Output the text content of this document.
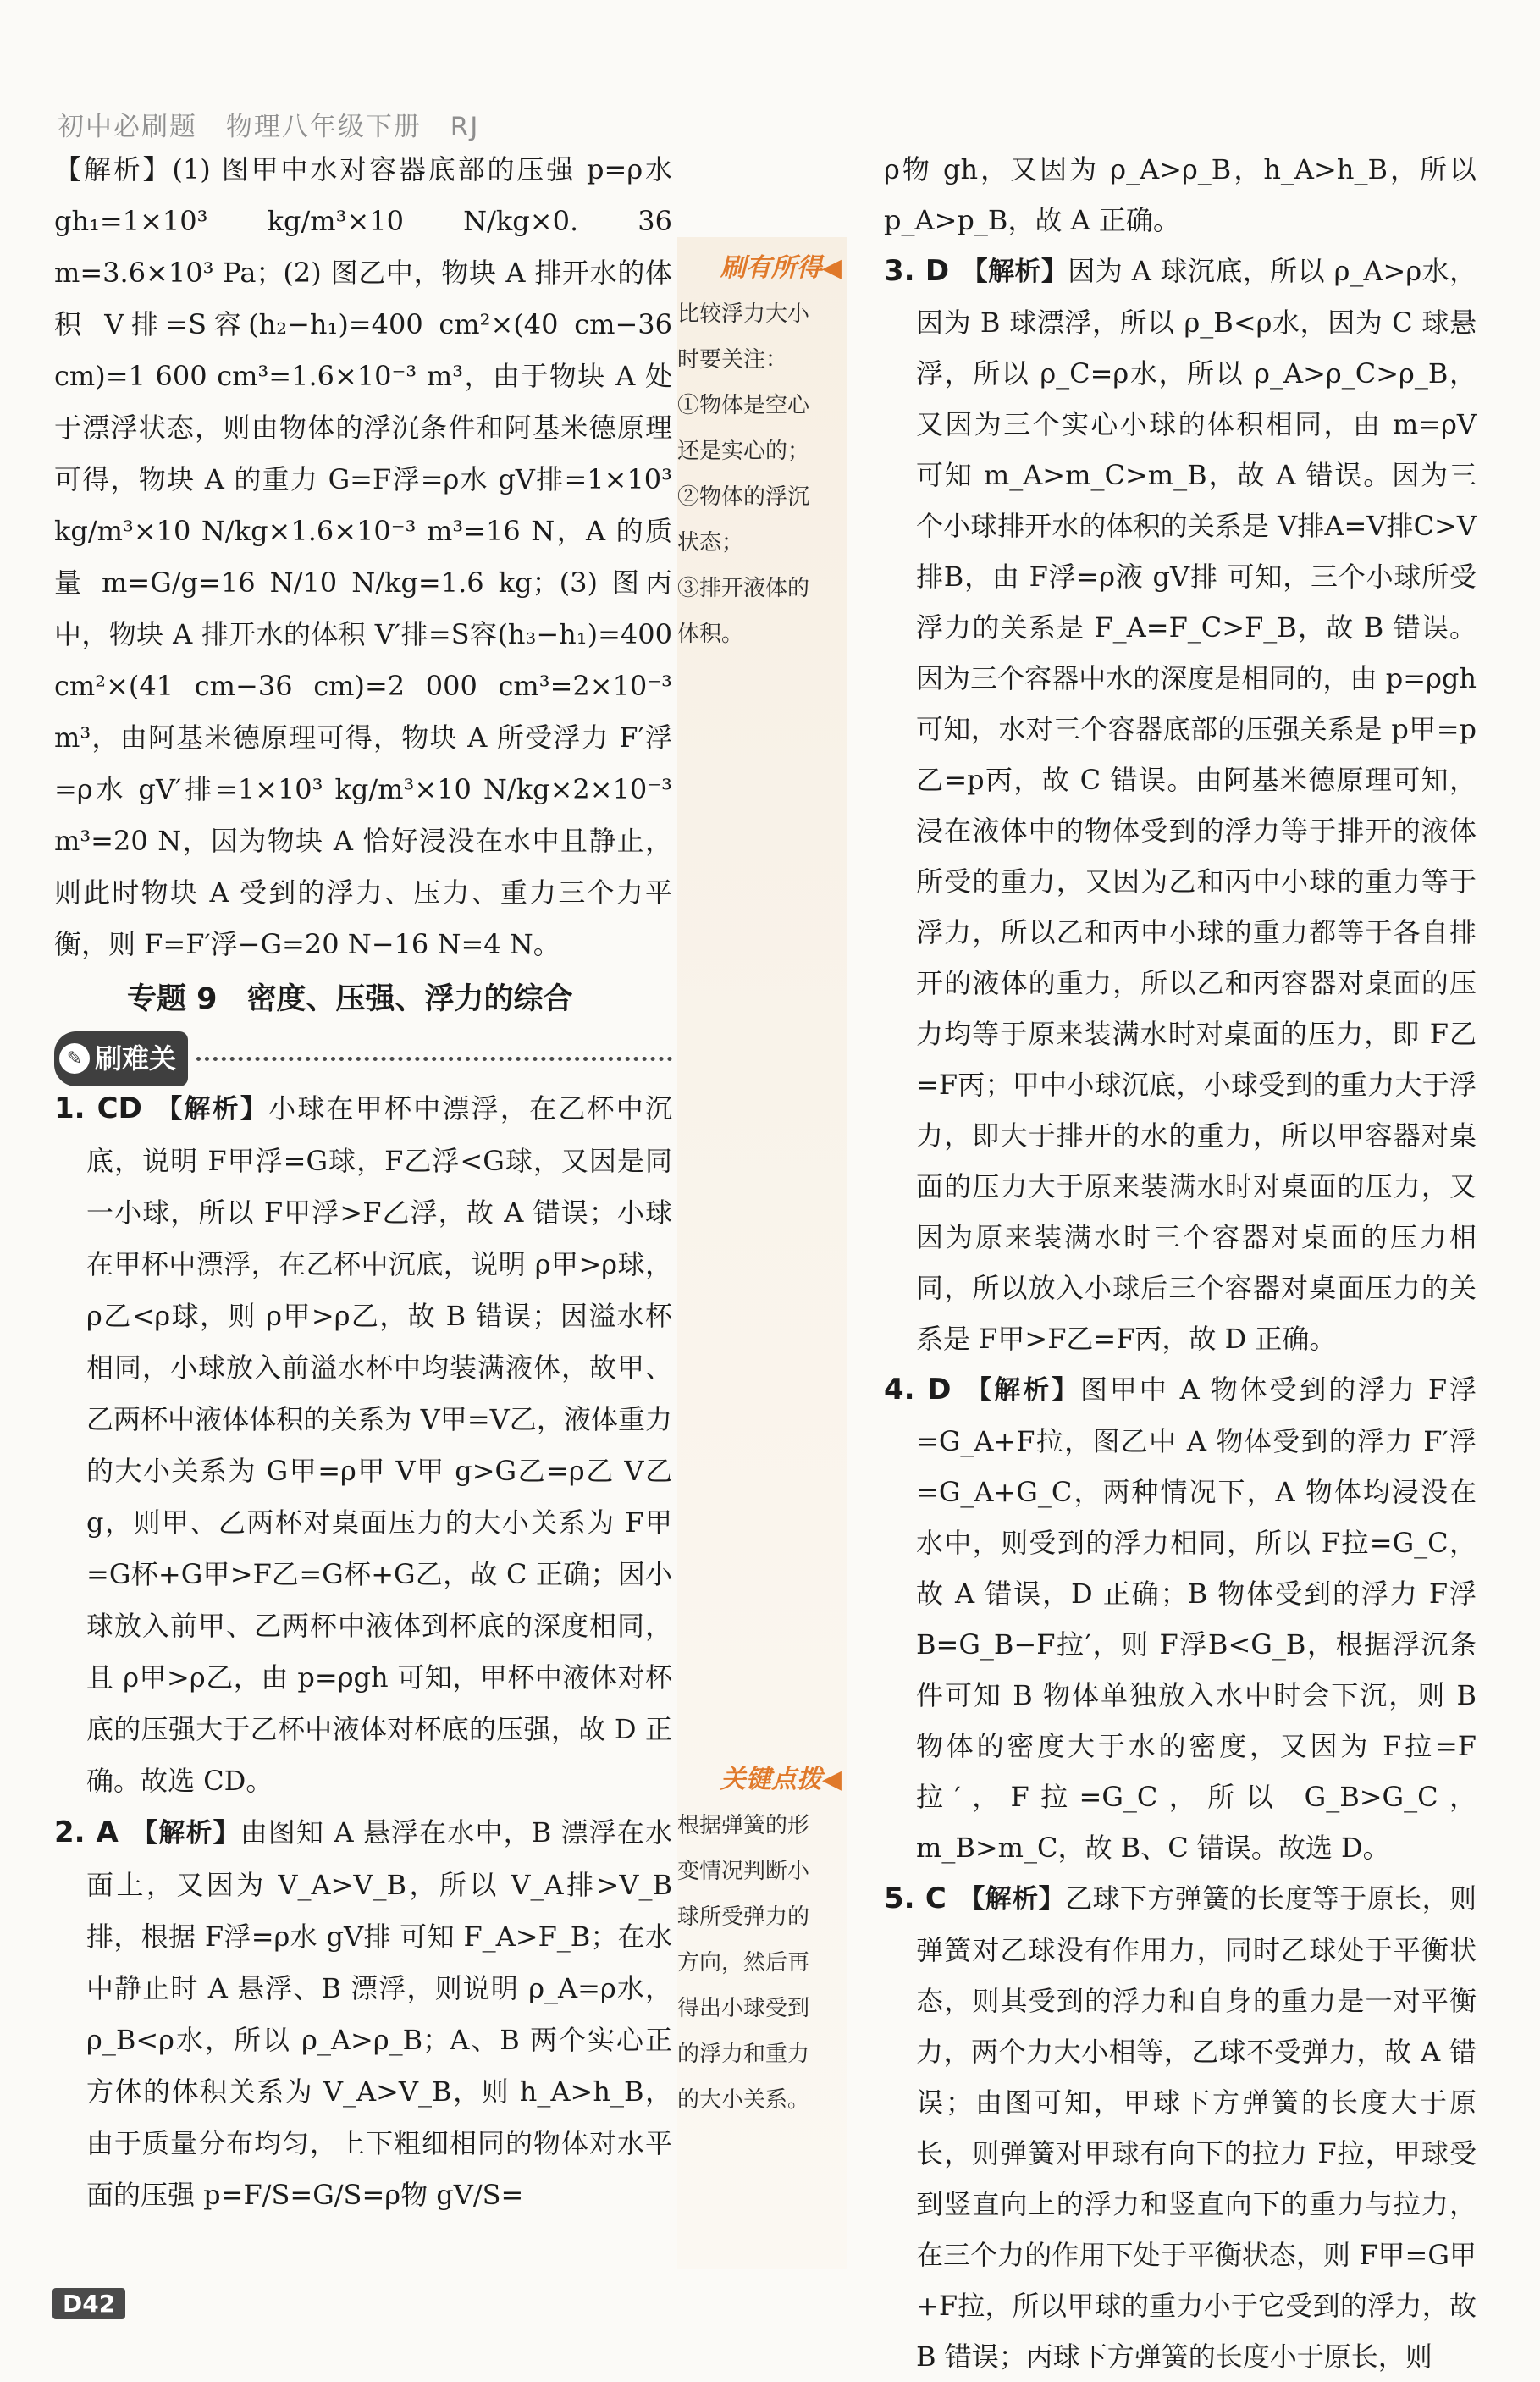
初中必刷题 物理八年级下册 RJ

【解析】(1) 图甲中水对容器底部的压强 p=ρ水 gh₁=1×10³ kg/m³×10 N/kg×0. 36 m=3.6×10³ Pa；(2) 图乙中，物块 A 排开水的体积 V排=S容(h₂−h₁)=400 cm²×(40 cm−36 cm)=1 600 cm³=1.6×10⁻³ m³，由于物块 A 处于漂浮状态，则由物体的浮沉条件和阿基米德原理可得，物块 A 的重力 G=F浮=ρ水 gV排=1×10³ kg/m³×10 N/kg×1.6×10⁻³ m³=16 N，A 的质量 m=G/g=16 N/10 N/kg=1.6 kg；(3) 图丙中，物块 A 排开水的体积 V′排=S容(h₃−h₁)=400 cm²×(41 cm−36 cm)=2 000 cm³=2×10⁻³ m³，由阿基米德原理可得，物块 A 所受浮力 F′浮=ρ水 gV′排=1×10³ kg/m³×10 N/kg×2×10⁻³ m³=20 N，因为物块 A 恰好浸没在水中且静止，则此时物块 A 受到的浮力、压力、重力三个力平衡，则 F=F′浮−G=20 N−16 N=4 N。

专题 9　密度、压强、浮力的综合
✎ 刷难关

1. CD 【解析】小球在甲杯中漂浮，在乙杯中沉底，说明 F甲浮=G球，F乙浮<G球，又因是同一小球，所以 F甲浮>F乙浮，故 A 错误；小球在甲杯中漂浮，在乙杯中沉底，说明 ρ甲>ρ球，ρ乙<ρ球，则 ρ甲>ρ乙，故 B 错误；因溢水杯相同，小球放入前溢水杯中均装满液体，故甲、乙两杯中液体体积的关系为 V甲=V乙，液体重力的大小关系为 G甲=ρ甲 V甲 g>G乙=ρ乙 V乙 g，则甲、乙两杯对桌面压力的大小关系为 F甲=G杯+G甲>F乙=G杯+G乙，故 C 正确；因小球放入前甲、乙两杯中液体到杯底的深度相同，且 ρ甲>ρ乙，由 p=ρgh 可知，甲杯中液体对杯底的压强大于乙杯中液体对杯底的压强，故 D 正确。故选 CD。

2. A 【解析】由图知 A 悬浮在水中，B 漂浮在水面上，又因为 V_A>V_B，所以 V_A排>V_B排，根据 F浮=ρ水 gV排 可知 F_A>F_B；在水中静止时 A 悬浮、B 漂浮，则说明 ρ_A=ρ水，ρ_B<ρ水，所以 ρ_A>ρ_B；A、B 两个实心正方体的体积关系为 V_A>V_B，则 h_A>h_B，由于质量分布均匀，上下粗细相同的物体对水平面的压强 p=F/S=G/S=ρ物 gV/S=

刷有所得◀
比较浮力大小
时要关注：
①物体是空心
还是实心的；
②物体的浮沉
状态；
③排开液体的
体积。
关键点拨◀
根据弹簧的形
变情况判断小
球所受弹力的
方向，然后再
得出小球受到
的浮力和重力
的大小关系。

ρ物 gh，又因为 ρ_A>ρ_B，h_A>h_B，所以 p_A>p_B，故 A 正确。

3. D 【解析】因为 A 球沉底，所以 ρ_A>ρ水，因为 B 球漂浮，所以 ρ_B<ρ水，因为 C 球悬浮，所以 ρ_C=ρ水，所以 ρ_A>ρ_C>ρ_B，又因为三个实心小球的体积相同，由 m=ρV 可知 m_A>m_C>m_B，故 A 错误。因为三个小球排开水的体积的关系是 V排A=V排C>V排B，由 F浮=ρ液 gV排 可知，三个小球所受浮力的关系是 F_A=F_C>F_B，故 B 错误。因为三个容器中水的深度是相同的，由 p=ρgh 可知，水对三个容器底部的压强关系是 p甲=p乙=p丙，故 C 错误。由阿基米德原理可知，浸在液体中的物体受到的浮力等于排开的液体所受的重力，又因为乙和丙中小球的重力等于浮力，所以乙和丙中小球的重力都等于各自排开的液体的重力，所以乙和丙容器对桌面的压力均等于原来装满水时对桌面的压力，即 F乙=F丙；甲中小球沉底，小球受到的重力大于浮力，即大于排开的水的重力，所以甲容器对桌面的压力大于原来装满水时对桌面的压力，又因为原来装满水时三个容器对桌面的压力相同，所以放入小球后三个容器对桌面压力的关系是 F甲>F乙=F丙，故 D 正确。

4. D 【解析】图甲中 A 物体受到的浮力 F浮=G_A+F拉，图乙中 A 物体受到的浮力 F′浮=G_A+G_C，两种情况下，A 物体均浸没在水中，则受到的浮力相同，所以 F拉=G_C，故 A 错误，D 正确；B 物体受到的浮力 F浮B=G_B−F拉′，则 F浮B<G_B，根据浮沉条件可知 B 物体单独放入水中时会下沉，则 B 物体的密度大于水的密度，又因为 F拉=F拉′，F拉=G_C，所以 G_B>G_C，m_B>m_C，故 B、C 错误。故选 D。

5. C 【解析】乙球下方弹簧的长度等于原长，则弹簧对乙球没有作用力，同时乙球处于平衡状态，则其受到的浮力和自身的重力是一对平衡力，两个力大小相等，乙球不受弹力，故 A 错误；由图可知，甲球下方弹簧的长度大于原长，则弹簧对甲球有向下的拉力 F拉，甲球受到竖直向上的浮力和竖直向下的重力与拉力，在三个力的作用下处于平衡状态，则 F甲=G甲+F拉，所以甲球的重力小于它受到的浮力，故 B 错误；丙球下方弹簧的长度小于原长，则

D42
